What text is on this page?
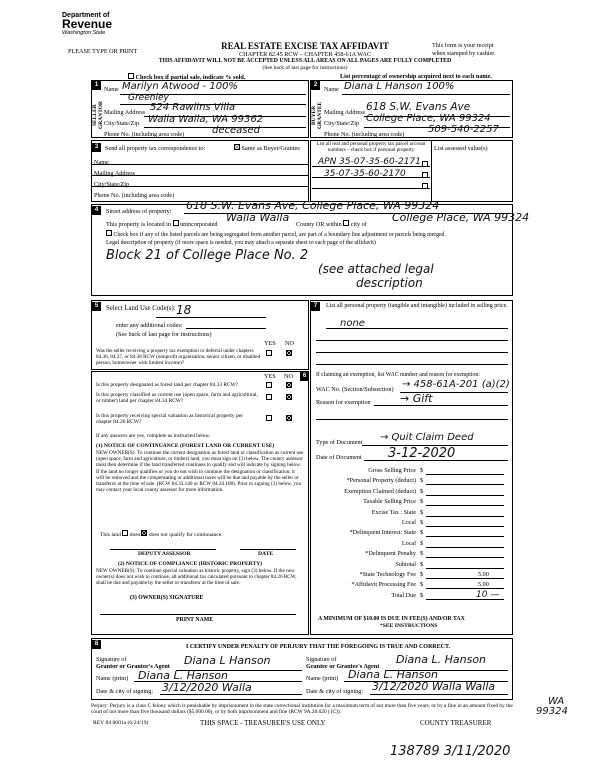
Department of
Revenue
Washington State
PLEASE TYPE OR PRINT
REAL ESTATE EXCISE TAX AFFIDAVIT
CHAPTER 82.45 RCW – CHAPTER 458-61A WAC
THIS AFFIDAVIT WILL NOT BE ACCEPTED UNLESS ALL AREAS ON ALL PAGES ARE FULLY COMPLETED
(See back of last page for instructions)
This form is your receipt
when stamped by cashier.
Check box if partial sale, indicate % sold.	List percentage of ownership acquired next to each name.
1
SELLER GRANTOR
Name Marilyn Atwood - 100%
Greenley
Mailing Address 524 Rawlins Villa
City/State/Zip Walla Walla, WA 99362
Phone No. (including area code)	deceased
2
BUYER GRANTEE
Name Diana L Hanson 100%
Mailing Address 618 S.W. Evans Ave
City/State/Zip College Place, WA 99324
Phone No. (including area code) 509-540-2257
3	Send all property tax correspondence to:	Same as Buyer/Grantee
Name
Mailing Address
City/State/Zip
Phone No. (including area code)
List all real and personal property tax parcel account numbers – check box if personal property	List assessed value(s)
APN 35-07-35-60-2171
35-07-35-60-2170
4	Street address of property: 618 S.W. Evans Ave, College Place, WA 99324
This property is located in unincorporated
Walla Walla
County OR within city of
College Place, WA 99324
Check box if any of the listed parcels are being segregated from another parcel, are part of a boundary line adjustment or parcels being merged.
Legal description of property (if more space is needed, you may attach a separate sheet to each page of the affidavit)
Block 21 of College Place No. 2
(see attached legal
description
5	Select Land Use Code(s): 18
enter any additional codes:
(See back of last page for instructions)
YES NO
Was the seller receiving a property tax exemption or deferral under chapters 84.36, 84.37, or 84.38 RCW (nonprofit organization, senior citizen, or disabled person, homeowner with limited income)?
6
YES NO
Is this property designated as forest land per chapter 84.33 RCW?
Is this property classified as current use (open space, farm and agricultural, or timber) land per chapter 84.34 RCW?
Is this property receiving special valuation as historical property per chapter 84.26 RCW?
If any answers are yes, complete as instructed below.
(1) NOTICE OF CONTINUANCE (FOREST LAND OR CURRENT USE)
NEW OWNER(S): To continue the current designation as forest land or classification as current use (open space, farm and agriculture, or timber) land, you must sign on (3) below. The county assessor must then determine if the land transferred continues to qualify and will indicate by signing below. If the land no longer qualifies or you do not wish to continue the designation or classification, it will be removed and the compensating or additional taxes will be due and payable by the seller or transferor at the time of sale. (RCW 84.33.140 or RCW 84.34.108). Prior to signing (3) below, you may contact your local county assessor for more information.
This land does does not qualify for continuance.
DEPUTY ASSESSOR	DATE
(2) NOTICE OF COMPLIANCE (HISTORIC PROPERTY)
NEW OWNER(S): To continue special valuation as historic property, sign (3) below. If the new owner(s) does not wish to continue, all additional tax calculated pursuant to chapter 84.26 RCW, shall be due and payable by the seller or transferor at the time of sale.
(3) OWNER(S) SIGNATURE
PRINT NAME
7	List all personal property (tangible and intangible) included in selling price.
none
If claiming an exemption, list WAC number and reason for exemption:
WAC No. (Section/Subsection) → 458-61A-201 (a)(2)
Reason for exemption	→ Gift
Type of Document → Quit Claim Deed
Date of Document 3-12-2020
Gross Selling Price $
*Personal Property (deduct) $
Exemption Claimed (deduct) $
Taxable Selling Price $
Excise Tax : State $
Local $
*Delinquent Interest: State $
Local $
*Delinquent Penalty $
Subtotal $
*State Technology Fee $	5.00
*Affidavit Processing Fee $	5.00
Total Due $	10 —
A MINIMUM OF $10.00 IS DUE IN FEE(S) AND/OR TAX
*SEE INSTRUCTIONS
8	I CERTIFY UNDER PENALTY OF PERJURY THAT THE FOREGOING IS TRUE AND CORRECT.
Signature of
Grantor or Grantor's Agent Diana L Hanson
Name (print) Diana L. Hanson
Date & city of signing: 3/12/2020 Walla
Signature of
Grantee or Grantee's Agent
Diana L. Hanson
Name (print) Diana L. Hanson
Date & city of signing: 3/12/2020 Walla Walla
WA
99324
Perjury: Perjury is a class C felony which is punishable by imprisonment in the state correctional institution for a maximum term of not more than five years, or by a fine in an amount fixed by the court of not more than five thousand dollars ($5,000.00), or by both imprisonment and fine (RCW 9A.20.020 (1C)).
REV 84 0001a (6/24/19)	THIS SPACE - TREASURER'S USE ONLY	COUNTY TREASURER
138789 3/11/2020
